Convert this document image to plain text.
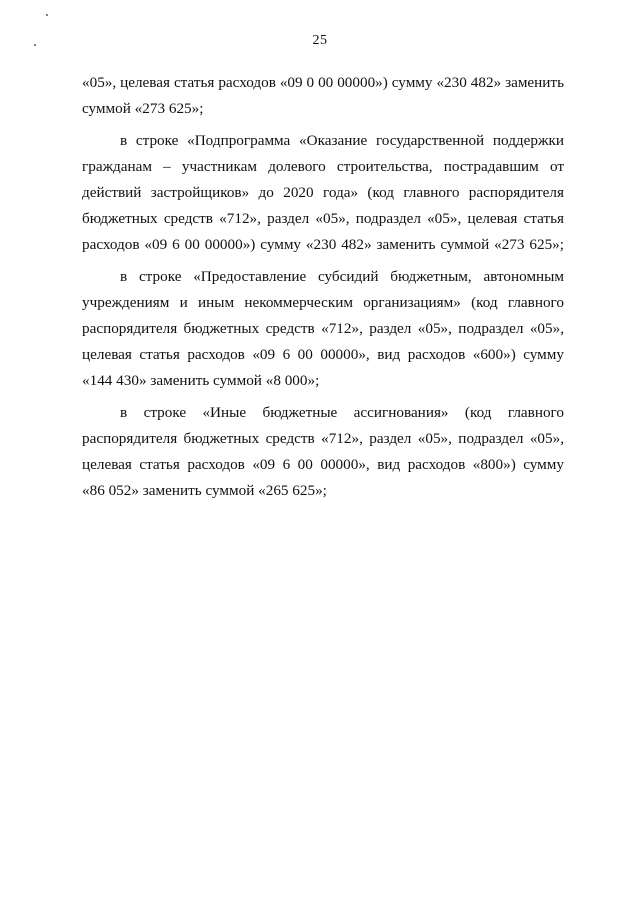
25

«05», целевая статья расходов «09 0 00 00000») сумму «230 482» заменить
суммой «273 625»;

в строке «Подпрограмма «Оказание государственной поддержки
гражданам – участникам долевого строительства, пострадавшим от
действий застройщиков» до 2020 года» (код главного распорядителя
бюджетных средств «712», раздел «05», подраздел «05», целевая статья
расходов «09 6 00 00000») сумму «230 482» заменить суммой «273 625»;

в строке «Предоставление субсидий бюджетным, автономным
учреждениям и иным некоммерческим организациям» (код главного
распорядителя бюджетных средств «712», раздел «05», подраздел «05»,
целевая статья расходов «09 6 00 00000», вид расходов «600») сумму
«144 430» заменить суммой «8 000»;

в строке «Иные бюджетные ассигнования» (код главного
распорядителя бюджетных средств «712», раздел «05», подраздел «05»,
целевая статья расходов «09 6 00 00000», вид расходов «800») сумму
«86 052» заменить суммой «265 625»;
